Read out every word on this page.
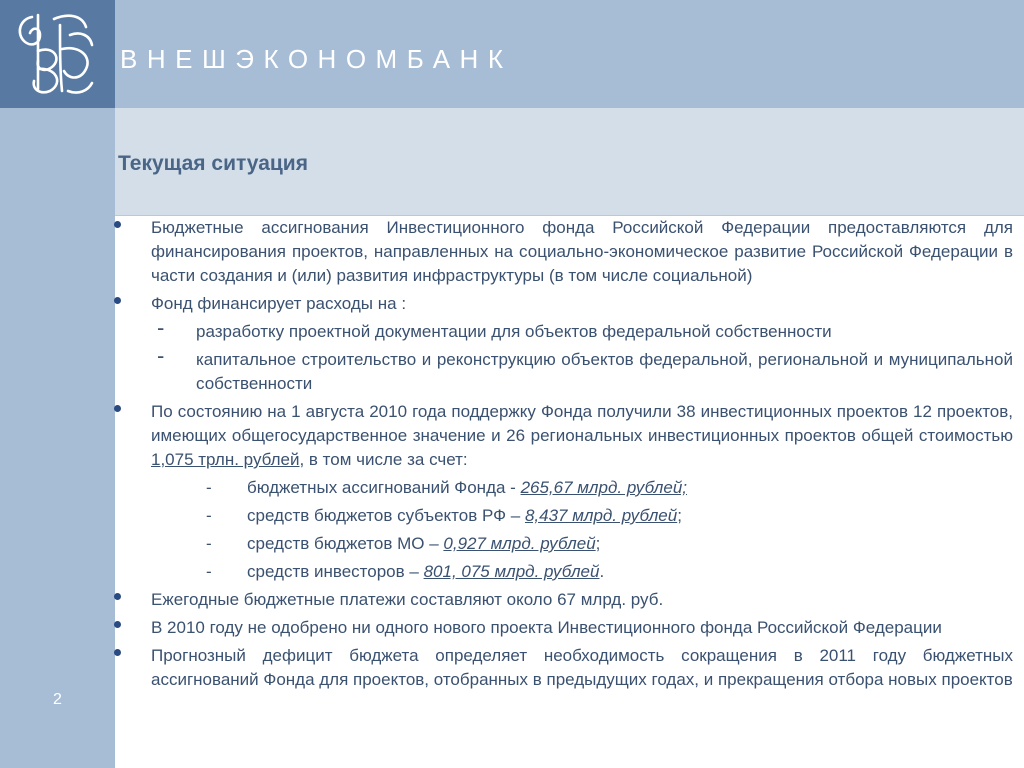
ВНЕШЭКОНОМБАНК
Текущая ситуация
2
Бюджетные ассигнования Инвестиционного фонда Российской Федерации предоставляются для финансирования проектов, направленных на социально-экономическое развитие Российской Федерации в части создания и (или) развития инфраструктуры (в том числе социальной)
Фонд финансирует расходы на :
- разработку проектной документации для объектов федеральной собственности
- капитальное строительство и реконструкцию объектов федеральной, региональной и муниципальной собственности
По состоянию на 1 августа 2010 года поддержку Фонда получили 38 инвестиционных проектов 12 проектов, имеющих общегосударственное значение и 26 региональных инвестиционных проектов общей стоимостью 1,075 трлн. рублей, в том числе за счет:
- бюджетных ассигнований Фонда - 265,67 млрд. рублей;
- средств бюджетов субъектов РФ – 8,437 млрд. рублей;
- средств бюджетов МО – 0,927 млрд. рублей;
- средств инвесторов – 801, 075 млрд. рублей.
Ежегодные бюджетные платежи составляют около 67 млрд. руб.
В 2010 году не одобрено ни одного нового проекта Инвестиционного фонда Российской Федерации
Прогнозный дефицит бюджета определяет необходимость сокращения в 2011 году бюджетных ассигнований Фонда для проектов, отобранных в предыдущих годах, и прекращения отбора новых проектов
